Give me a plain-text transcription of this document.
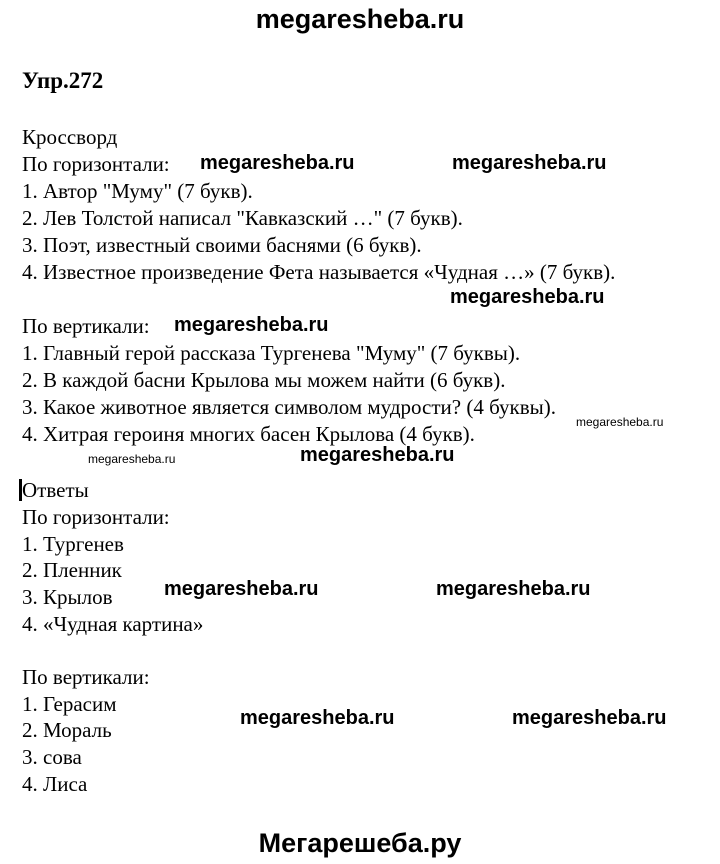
megaresheba.ru
Упр.272
Кроссворд
По горизонтали:
1. Автор "Муму" (7 букв).
2. Лев Толстой написал "Кавказский …" (7 букв).
3. Поэт, известный своими баснями (6 букв).
4. Известное произведение Фета называется «Чудная …» (7 букв).
По вертикали:
1. Главный герой рассказа Тургенева "Муму" (7 буквы).
2. В каждой басни Крылова мы можем найти (6 букв).
3. Какое животное является символом мудрости? (4 буквы).
4. Хитрая героиня многих басен Крылова (4 букв).
Ответы
По горизонтали:
1. Тургенев
2. Пленник
3. Крылов
4. «Чудная картина»
По вертикали:
1. Герасим
2. Мораль
3. сова
4. Лиса
megaresheba.ru	megaresheba.ru
megaresheba.ru
megaresheba.ru
megaresheba.ru
megaresheba.ru	megaresheba.ru
megaresheba.ru	megaresheba.ru
megaresheba.ru	megaresheba.ru
Мегарешеба.ру
